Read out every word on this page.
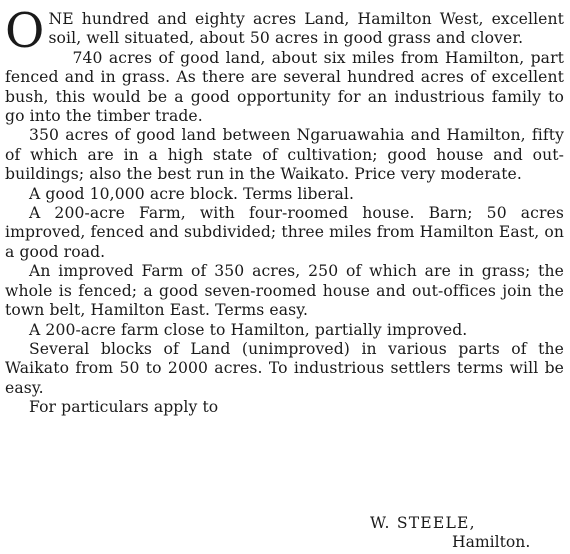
ONE hundred and eighty acres Land, Hamilton West, excellent soil, well situated, about 50 acres in good grass and clover.

740 acres of good land, about six miles from Hamilton, part fenced and in grass. As there are several hundred acres of excellent bush, this would be a good opportunity for an industrious family to go into the timber trade.

350 acres of good land between Ngaruawahia and Hamilton, fifty of which are in a high state of cultivation; good house and out-buildings; also the best run in the Waikato. Price very moderate.

A good 10,000 acre block. Terms liberal.

A 200-acre Farm, with four-roomed house. Barn; 50 acres improved, fenced and subdivided; three miles from Hamilton East, on a good road.

An improved Farm of 350 acres, 250 of which are in grass; the whole is fenced; a good seven-roomed house and out-offices join the town belt, Hamilton East. Terms easy.

A 200-acre farm close to Hamilton, partially improved.

Several blocks of Land (unimproved) in various parts of the Waikato from 50 to 2000 acres. To industrious settlers terms will be easy.

For particulars apply to

W. STEELE,
Hamilton.
